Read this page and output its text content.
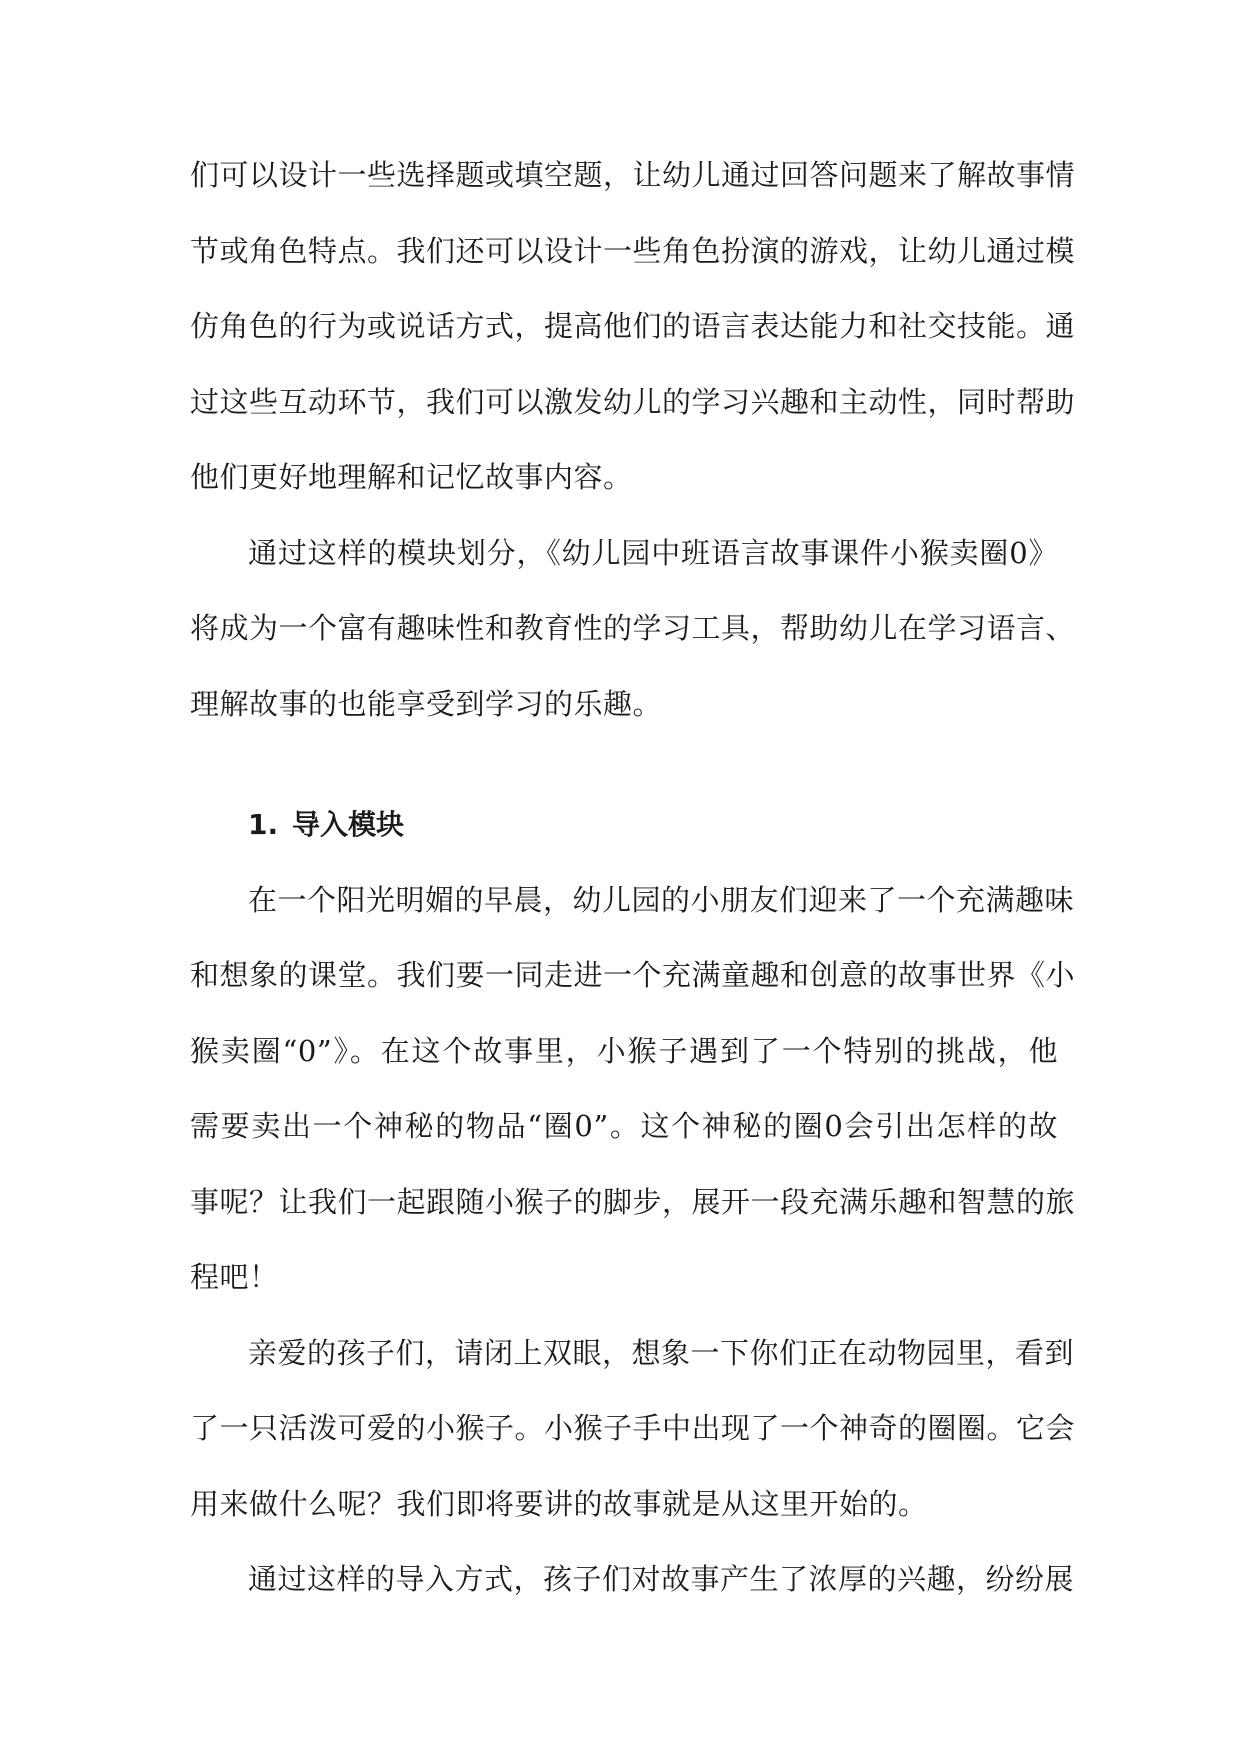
们可以设计一些选择题或填空题，让幼儿通过回答问题来了解故事情
节或角色特点。我们还可以设计一些角色扮演的游戏，让幼儿通过模
仿角色的行为或说话方式，提高他们的语言表达能力和社交技能。通
过这些互动环节，我们可以激发幼儿的学习兴趣和主动性，同时帮助
他们更好地理解和记忆故事内容。
通过这样的模块划分，《幼儿园中班语言故事课件小猴卖圈0》
将成为一个富有趣味性和教育性的学习工具，帮助幼儿在学习语言、
理解故事的也能享受到学习的乐趣。
1. 导入模块
在一个阳光明媚的早晨，幼儿园的小朋友们迎来了一个充满趣味
和想象的课堂。我们要一同走进一个充满童趣和创意的故事世界《小
猴卖圈“0”》。在这个故事里，小猴子遇到了一个特别的挑战，他
需要卖出一个神秘的物品“圈0”。这个神秘的圈0会引出怎样的故
事呢？让我们一起跟随小猴子的脚步，展开一段充满乐趣和智慧的旅
程吧！
亲爱的孩子们，请闭上双眼，想象一下你们正在动物园里，看到
了一只活泼可爱的小猴子。小猴子手中出现了一个神奇的圈圈。它会
用来做什么呢？我们即将要讲的故事就是从这里开始的。
通过这样的导入方式，孩子们对故事产生了浓厚的兴趣，纷纷展
